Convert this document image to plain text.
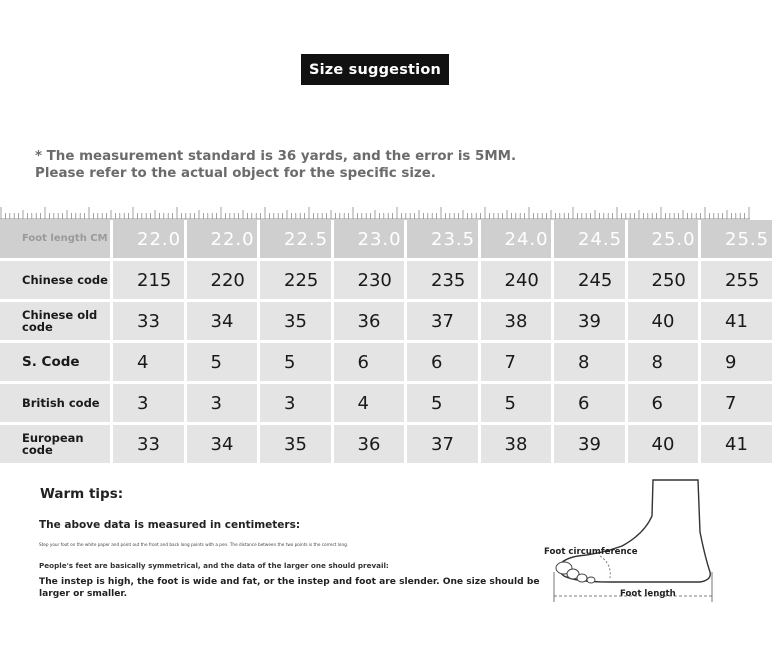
Size suggestion
* The measurement standard is 36 yards, and the error is 5MM. Please refer to the actual object for the specific size.
Foot length CM	22.0	22.0	22.5	23.0	23.5	24.0	24.5	25.0	25.5
Chinese code	215	220	225	230	235	240	245	250	255
Chinese old code	33	34	35	36	37	38	39	40	41
S. Code	4	5	5	6	6	7	8	8	9
British code	3	3	3	4	5	5	6	6	7
European code	33	34	35	36	37	38	39	40	41
Warm tips:
The above data is measured in centimeters:
Step your foot on the white paper and point out the front and back long points with a pen. The distance between the two points is the correct long.
People's feet are basically symmetrical, and the data of the larger one should prevail:
The instep is high, the foot is wide and fat, or the instep and foot are slender. One size should be larger or smaller.
Foot circumference
Foot length
